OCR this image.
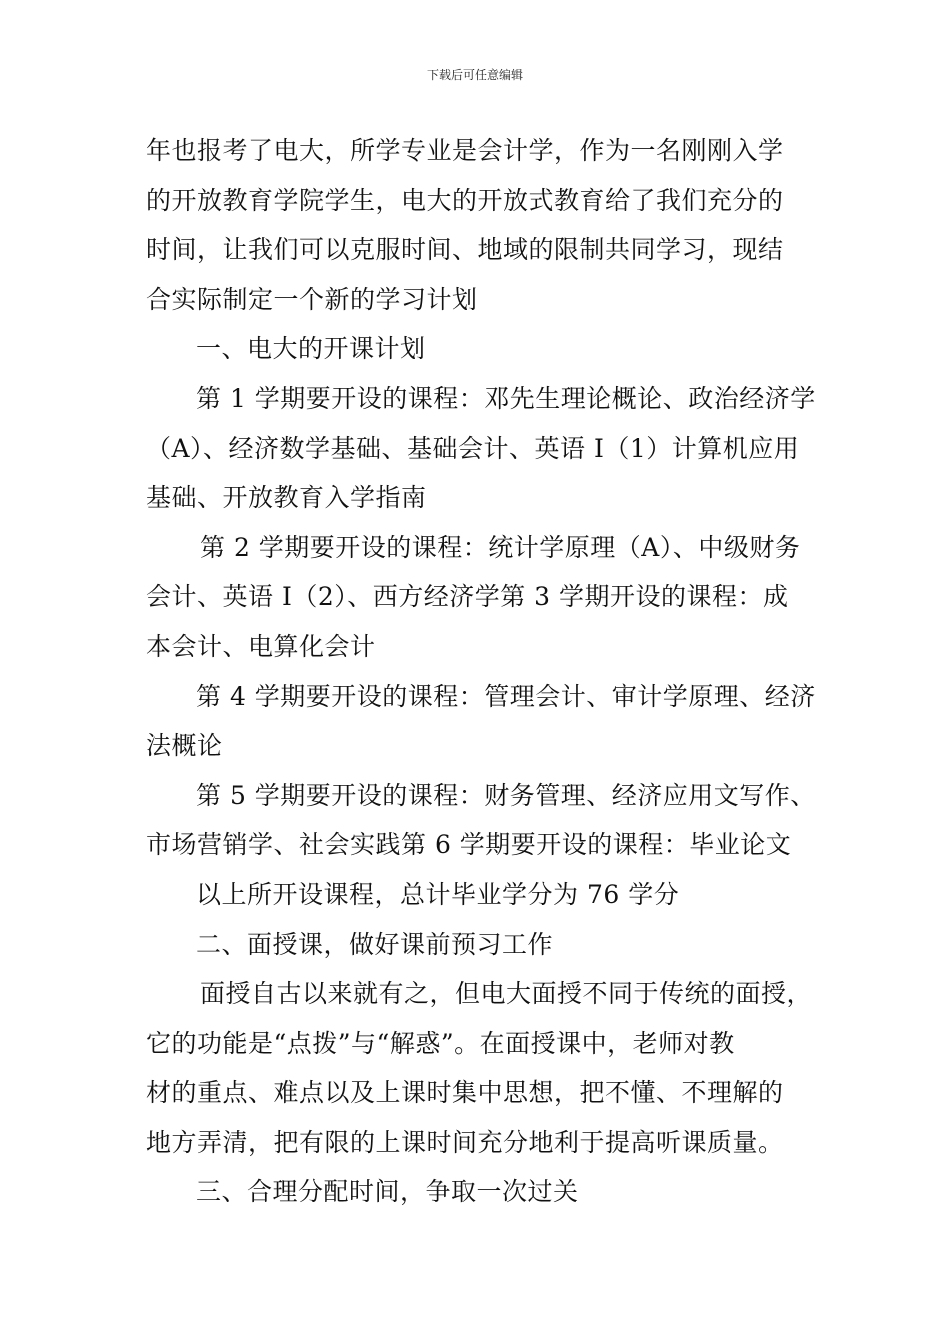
下载后可任意编辑
年也报考了电大，所学专业是会计学，作为一名刚刚入学
的开放教育学院学生，电大的开放式教育给了我们充分的
时间，让我们可以克服时间、地域的限制共同学习，现结
合实际制定一个新的学习计划
一、电大的开课计划
第 1 学期要开设的课程：邓先生理论概论、政治经济学
（A）、经济数学基础、基础会计、英语 I（1）计算机应用
基础、开放教育入学指南
第 2 学期要开设的课程：统计学原理（A）、中级财务
会计、英语 I（2）、西方经济学第 3 学期开设的课程：成
本会计、电算化会计
第 4 学期要开设的课程：管理会计、审计学原理、经济
法概论
第 5 学期要开设的课程：财务管理、经济应用文写作、
市场营销学、社会实践第 6 学期要开设的课程：毕业论文
以上所开设课程，总计毕业学分为 76 学分
二、面授课，做好课前预习工作
面授自古以来就有之，但电大面授不同于传统的面授，
它的功能是“点拨”与“解惑”。在面授课中，老师对教
材的重点、难点以及上课时集中思想，把不懂、不理解的
地方弄清，把有限的上课时间充分地利于提高听课质量。
三、合理分配时间，争取一次过关
